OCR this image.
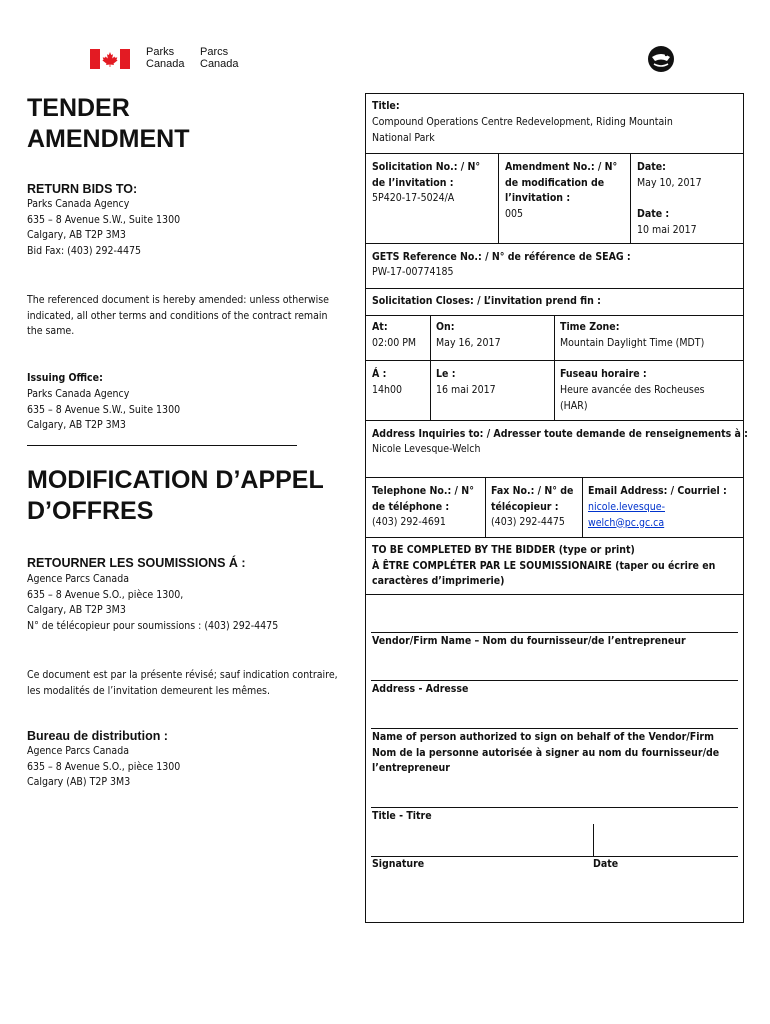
Parks
Canada
Parcs
Canada
TENDER
AMENDMENT
RETURN BIDS TO:
Parks Canada Agency
635 – 8 Avenue S.W., Suite 1300
Calgary, AB T2P 3M3
Bid Fax: (403) 292-4475
The referenced document is hereby amended: unless otherwise
indicated, all other terms and conditions of the contract remain
the same.
Issuing Office:
Parks Canada Agency
635 – 8 Avenue S.W., Suite 1300
Calgary, AB T2P 3M3
MODIFICATION D’APPEL
D’OFFRES
RETOURNER LES SOUMISSIONS Á :
Agence Parcs Canada
635 – 8 Avenue S.O., pièce 1300,
Calgary, AB T2P 3M3
N° de télécopieur pour soumissions : (403) 292-4475
Ce document est par la présente révisé; sauf indication contraire,
les modalités de l’invitation demeurent les mêmes.
Bureau de distribution :
Agence Parcs Canada
635 – 8 Avenue S.O., pièce 1300
Calgary (AB) T2P 3M3
Title:
Compound Operations Centre Redevelopment, Riding Mountain
National Park
Solicitation No.: / N°
de l’invitation :
5P420-17-5024/A
Amendment No.: / N°
de modification de
l’invitation :
005
Date:
May 10, 2017
Date :
10 mai 2017
GETS Reference No.: / N° de référence de SEAG :
PW-17-00774185
Solicitation Closes: / L’invitation prend fin :
At:
02:00 PM
On:
May 16, 2017
Time Zone:
Mountain Daylight Time (MDT)
Á :
14h00
Le :
16 mai 2017
Fuseau horaire :
Heure avancée des Rocheuses
(HAR)
Address Inquiries to: / Adresser toute demande de renseignements à :
Nicole Levesque-Welch
Telephone No.: / N°
de téléphone :
(403) 292-4691
Fax No.: / N° de
télécopieur :
(403) 292-4475
Email Address: / Courriel :
nicole.levesque-
welch@pc.gc.ca
TO BE COMPLETED BY THE BIDDER (type or print)
À ÊTRE COMPLÉTER PAR LE SOUMISSIONAIRE (taper ou écrire en
caractères d’imprimerie)
Vendor/Firm Name – Nom du fournisseur/de l’entrepreneur
Address - Adresse
Name of person authorized to sign on behalf of the Vendor/Firm
Nom de la personne autorisée à signer au nom du fournisseur/de
l’entrepreneur
Title - Titre
Signature	Date
